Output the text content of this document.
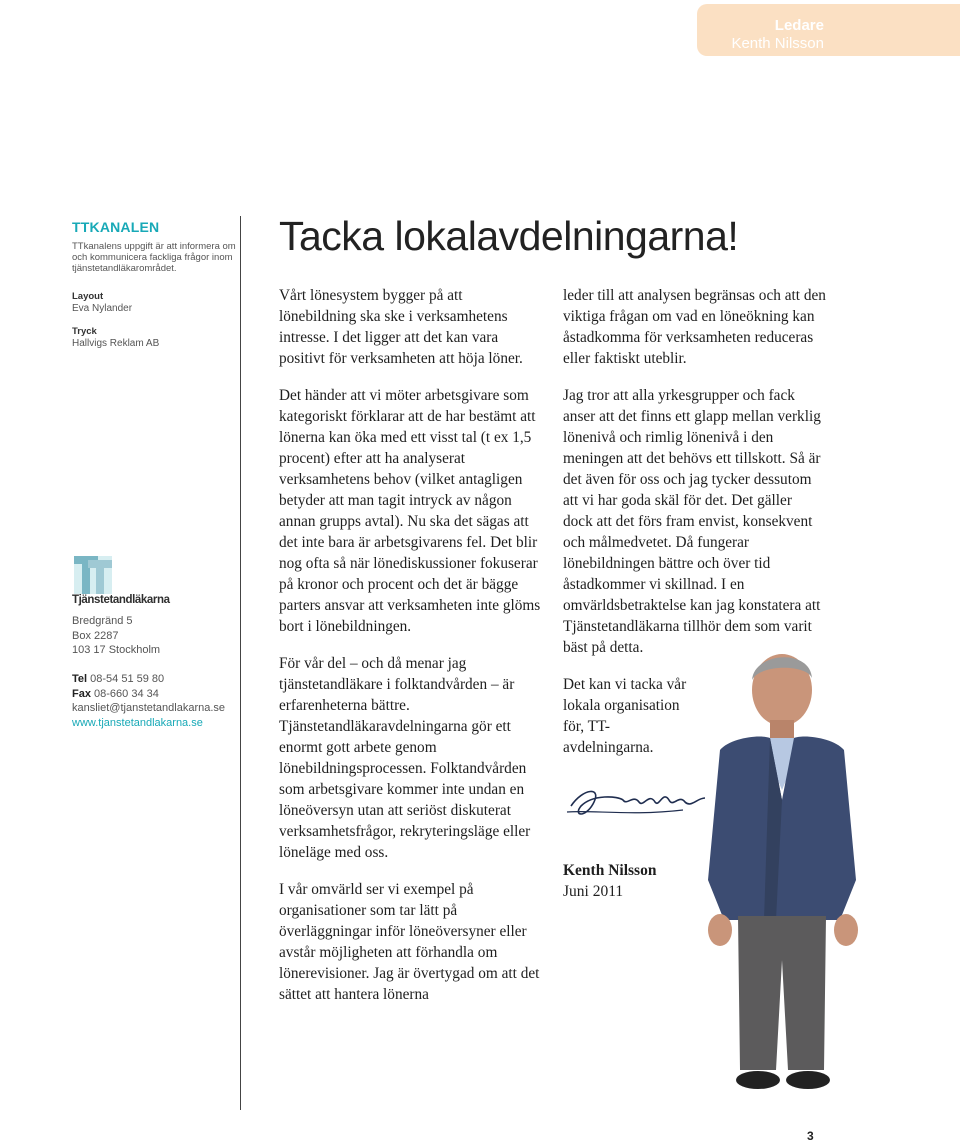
Ledare
Kenth Nilsson
TTKANALEN
TTkanalens uppgift är att informera om och kommunicera fackliga frågor inom tjänstetandläkarområdet.
Layout
Eva Nylander
Tryck
Hallvigs Reklam AB
Tjänstetandläkarna
Bredgränd 5
Box 2287
103 17 Stockholm
Tel 08-54 51 59 80
Fax 08-660 34 34
kansliet@tjanstetandlakarna.se
www.tjanstetandlakarna.se
Tacka lokalavdelningarna!

Vårt lönesystem bygger på att lönebildning ska ske i verksamhetens intresse. I det ligger att det kan vara positivt för verksamheten att höja löner.

Det händer att vi möter arbetsgivare som kategoriskt förklarar att de har bestämt att lönerna kan öka med ett visst tal (t ex 1,5 procent) efter att ha analyserat verksamhetens behov (vilket antagligen betyder att man tagit intryck av någon annan grupps avtal). Nu ska det sägas att det inte bara är arbetsgivarens fel. Det blir nog ofta så när lönediskussioner fokuserar på kronor och procent och det är bägge parters ansvar att verksamheten inte glöms bort i lönebildningen.

För vår del – och då menar jag tjänstetandläkare i folktandvården – är erfarenheterna bättre. Tjänstetandläkaravdelningarna gör ett enormt gott arbete genom lönebildningsprocessen. Folktandvården som arbetsgivare kommer inte undan en löneöversyn utan att seriöst diskuterat verksamhetsfrågor, rekryteringsläge eller löneläge med oss.

I vår omvärld ser vi exempel på organisationer som tar lätt på överläggningar inför löneöversyner eller avstår möjligheten att förhandla om lönerevisioner. Jag är övertygad om att det sättet att hantera lönerna

leder till att analysen begränsas och att den viktiga frågan om vad en löneökning kan åstadkomma för verksamheten reduceras eller faktiskt uteblir.

Jag tror att alla yrkesgrupper och fack anser att det finns ett glapp mellan verklig lönenivå och rimlig lönenivå i den meningen att det behövs ett tillskott. Så är det även för oss och jag tycker dessutom att vi har goda skäl för det. Det gäller dock att det förs fram envist, konsekvent och målmedvetet. Då fungerar lönebildningen bättre och över tid åstadkommer vi skillnad. I en omvärldsbetraktelse kan jag konstatera att Tjänstetandläkarna tillhör dem som varit bäst på detta.

Det kan vi tacka vår lokala organisation för, TT-avdelningarna.

Kenth Nilsson
Juni 2011
3
